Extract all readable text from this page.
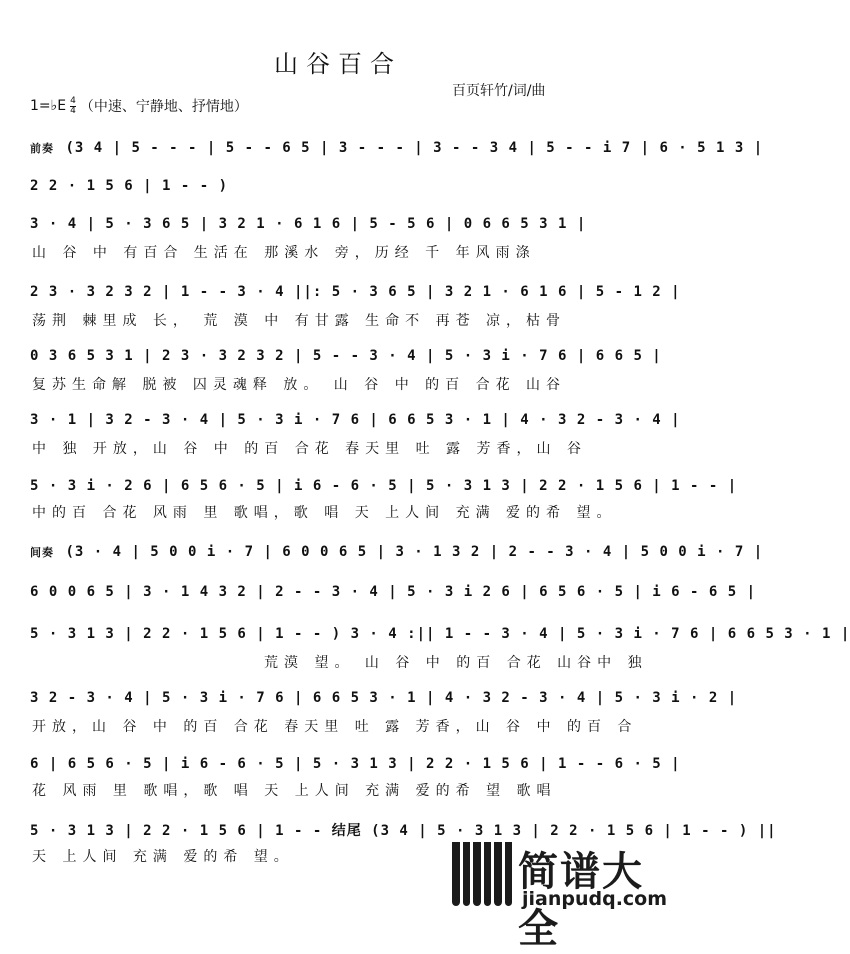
山谷百合
百页轩竹/词/曲
1=♭E $\frac{4}{4}$ （中速、宁静地、抒情地）
前奏 (3 4 | 5 - - - | 5 - - 6 5 | 3 - - - | 3 - - 3 4 | 5 - - i 7 | 6 · 5 1 3 |
2 2 · 1 5 6 | 1 - - )
3 · 4 | 5 · 3 6 5 | 3 2 1 · 6 1 6 | 5 - 5 6 | 0 6 6 5 3 1 |
山 谷 中 有百合 生活在 那溪水 旁，历经 千 年风雨涤
2 3 · 3 2 3 2 | 1 - - 3 · 4 ||: 5 · 3 6 5 | 3 2 1 · 6 1 6 | 5 - 1 2 |
荡荆 棘里成 长， 荒 漠 中 有甘露 生命不 再苍 凉，枯骨
0 3 6 5 3 1 | 2 3 · 3 2 3 2 | 5 - - 3 · 4 | 5 · 3 i · 7 6 | 6 6 5 |
复苏生命解 脱被 囚灵魂释 放。 山 谷 中 的百 合花 山谷
3 · 1 | 3 2 - 3 · 4 | 5 · 3 i · 7 6 | 6 6 5 3 · 1 | 4 · 3 2 - 3 · 4 |
中 独 开放，山 谷 中 的百 合花 春天里 吐 露 芳香，山 谷
5 · 3 i · 2 6 | 6 5 6 · 5 | i 6 - 6 · 5 | 5 · 3 1 3 | 2 2 · 1 5 6 | 1 - - |
中的百 合花 风雨 里 歌唱，歌 唱 天 上人间 充满 爱的希 望。
间奏 (3 · 4 | 5 0 0 i · 7 | 6 0 0 6 5 | 3 · 1 3 2 | 2 - - 3 · 4 | 5 0 0 i · 7 |
6 0 0 6 5 | 3 · 1 4 3 2 | 2 - - 3 · 4 | 5 · 3 i 2 6 | 6 5 6 · 5 | i 6 - 6 5 |
5 · 3 1 3 | 2 2 · 1 5 6 | 1 - - ) 3 · 4 :|| 1 - - 3 · 4 | 5 · 3 i · 7 6 | 6 6 5 3 · 1 |
荒漠 望。 山 谷 中 的百 合花 山谷中 独
3 2 - 3 · 4 | 5 · 3 i · 7 6 | 6 6 5 3 · 1 | 4 · 3 2 - 3 · 4 | 5 · 3 i · 2 |
开放，山 谷 中 的百 合花 春天里 吐 露 芳香，山 谷 中 的百 合
6 | 6 5 6 · 5 | i 6 - 6 · 5 | 5 · 3 1 3 | 2 2 · 1 5 6 | 1 - - 6 · 5 |
花 风雨 里 歌唱，歌 唱 天 上人间 充满 爱的希 望 歌唱
5 · 3 1 3 | 2 2 · 1 5 6 | 1 - - 结尾 (3 4 | 5 · 3 1 3 | 2 2 · 1 5 6 | 1 - - ) ||
天 上人间 充满 爱的希 望。	简谱大全
jianpudq.com
